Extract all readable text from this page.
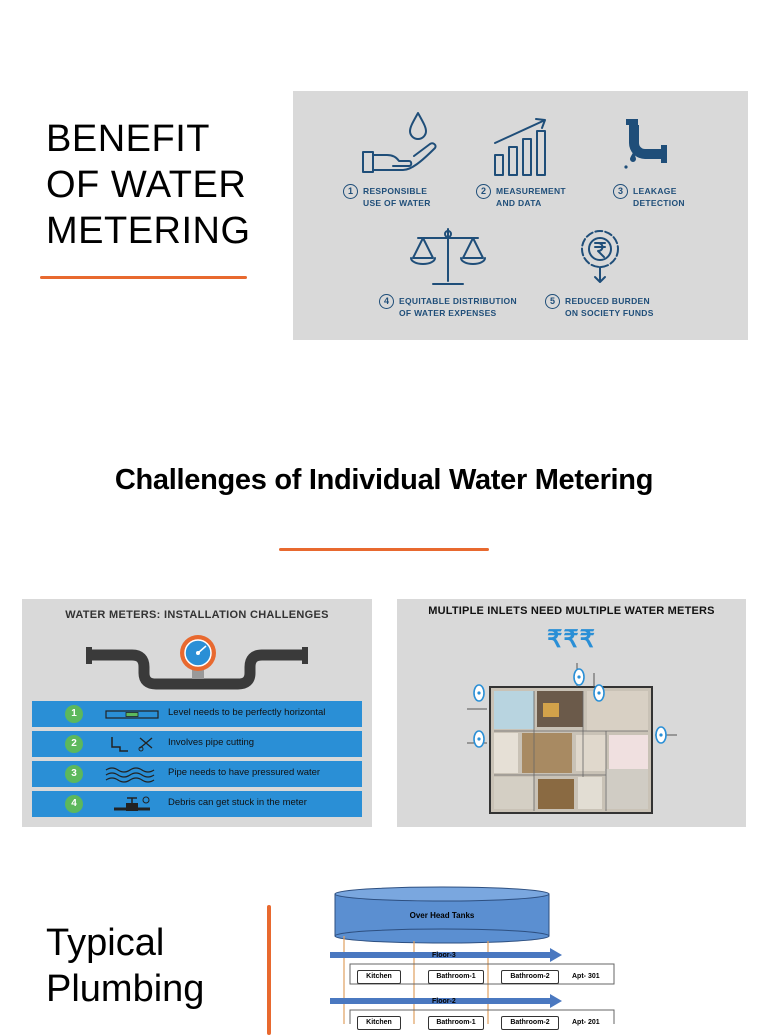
BENEFIT OF WATER METERING
1	RESPONSIBLE
USE OF WATER
2	MEASUREMENT
AND DATA
3	LEAKAGE
DETECTION
4	EQUITABLE DISTRIBUTION
OF WATER EXPENSES
5	REDUCED BURDEN
ON SOCIETY FUNDS
Challenges of Individual Water Metering
WATER METERS: INSTALLATION CHALLENGES
1	Level needs to be perfectly horizontal
2	Involves pipe cutting
3	Pipe needs to have pressured water
4	Debris can get stuck in the meter
MULTIPLE INLETS NEED MULTIPLE WATER METERS
₹₹₹
Typical Plumbing
Over Head Tanks
Floor-3
Kitchen	Bathroom-1	Bathroom-2	Apt- 301
Floor-2
Kitchen	Bathroom-1	Bathroom-2	Apt- 201
